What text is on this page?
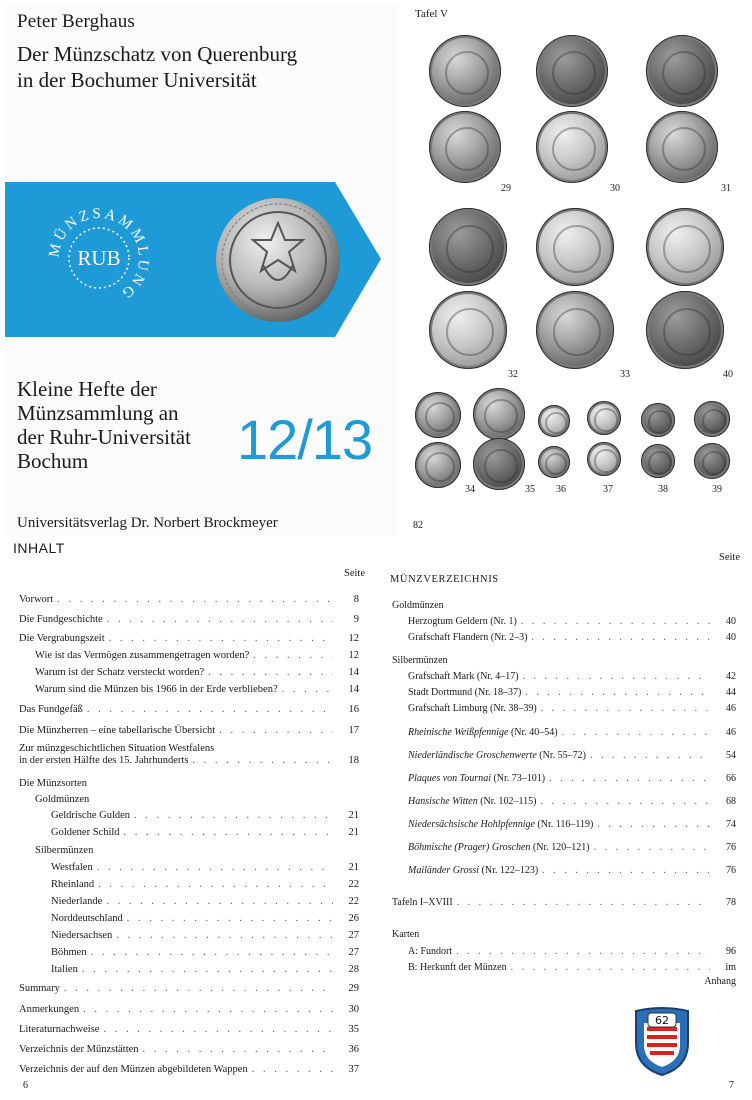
Peter Berghaus
Der Münzschatz von Querenburg
in der Bochumer Universität
MÜNZSAMMLUNG
RUB
Kleine Hefte der
Münzsammlung an
der Ruhr-Universität
Bochum	12/13
Universitätsverlag Dr. Norbert Brockmeyer
Tafel V
29	30	31
32	33	40
34	35 36	37	38	39
82
INHALT
Seite
Vorwort . . .	8
Die Fundgeschichte . . .	9
Die Vergrabungszeit . . .	12
Wie ist das Vermögen zusammengetragen worden? . . .	12
Warum ist der Schatz versteckt worden? . . .	14
Warum sind die Münzen bis 1966 in der Erde verblieben? . . .	14
Das Fundgefäß . . .	16
Die Münzherren – eine tabellarische Übersicht . . .	17
Zur münzgeschichtlichen Situation Westfalens
in der ersten Hälfte des 15. Jahrhunderts . . .	18
Die Münzsorten
Goldmünzen
Geldrische Gulden . . .	21
Goldener Schild . . .	21
Silbermünzen
Westfalen . . .	21
Rheinland . . .	22
Niederlande . . .	22
Norddeutschland . . .	26
Niedersachsen . . .	27
Böhmen . . .	27
Italien . . .	28
Summary . . .	29
Anmerkungen . . .	30
Literaturnachweise . . .	35
Verzeichnis der Münzstätten . . .	36
Verzeichnis der auf den Münzen abgebildeten Wappen . . .	37
6
Seite
MÜNZVERZEICHNIS
Goldmünzen
Herzogtum Geldern (Nr. 1) . . .	40
Grafschaft Flandern (Nr. 2–3) . . .	40
Silbermünzen
Grafschaft Mark (Nr. 4–17) . . .	42
Stadt Dortmund (Nr. 18–37) . . .	44
Grafschaft Limburg (Nr. 38–39) . . .	46
Rheinische Weißpfennige (Nr. 40–54) . . .	46
Niederländische Groschenwerte (Nr. 55–72) . . .	54
Plaques von Tournai (Nr. 73–101) . . .	66
Hansische Witten (Nr. 102–115) . . .	68
Niedersächsische Hohlpfennige (Nr. 116–119) . . .	74
Böhmische (Prager) Groschen (Nr. 120–121) . . .	76
Mailänder Grossi (Nr. 122–123) . . .	76
Tafeln I–XVIII . . .	78
Karten
A: Fundort . . .	96
B: Herkunft der Münzen . . .	im
Anhang
62
7
